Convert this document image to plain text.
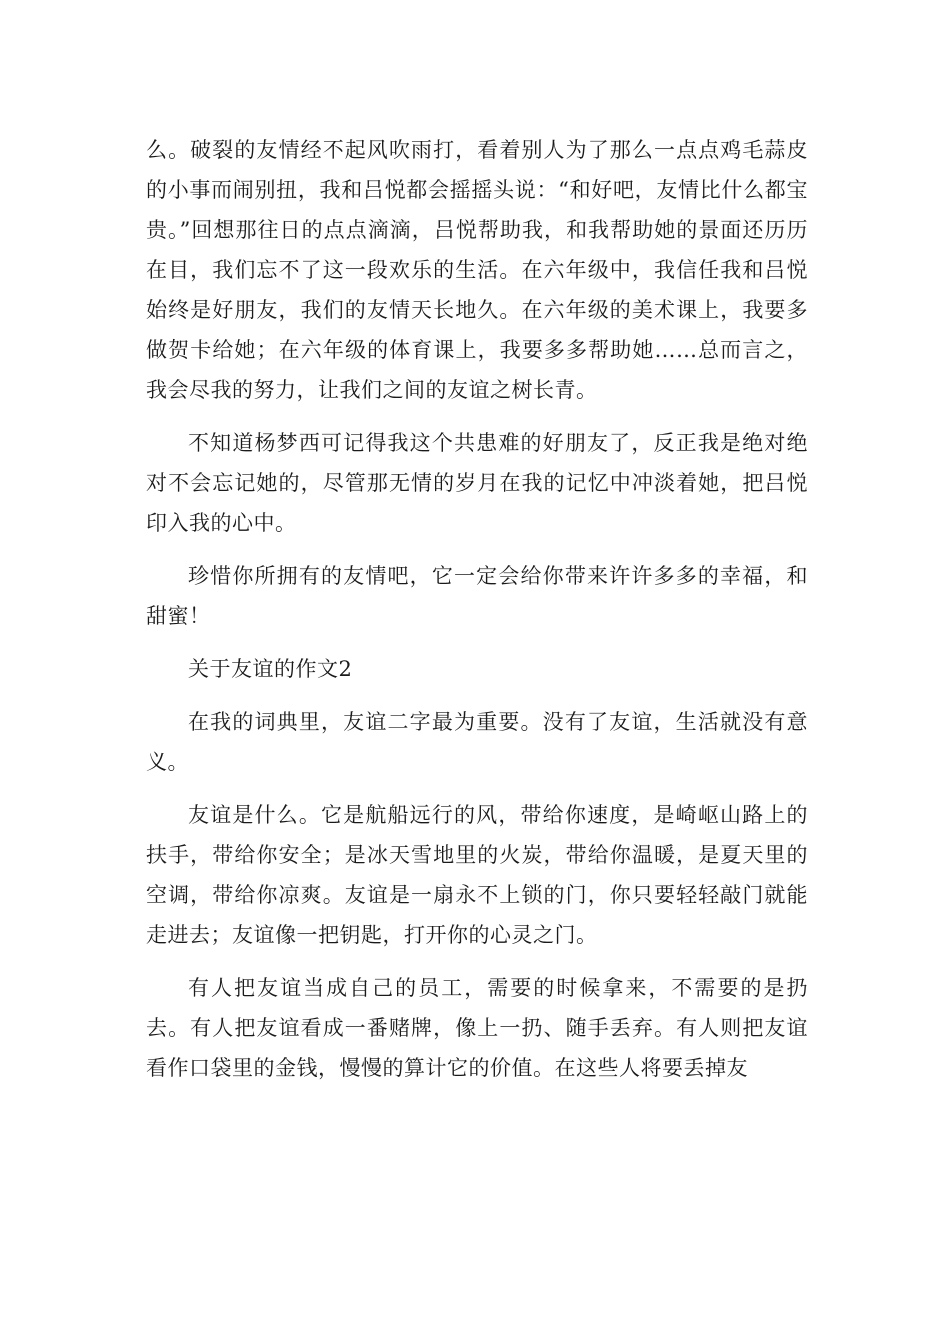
么。破裂的友情经不起风吹雨打，看着别人为了那么一点点鸡毛蒜皮的小事而闹别扭，我和吕悦都会摇摇头说：“和好吧，友情比什么都宝贵。”回想那往日的点点滴滴，吕悦帮助我，和我帮助她的景面还历历在目，我们忘不了这一段欢乐的生活。在六年级中，我信任我和吕悦始终是好朋友，我们的友情天长地久。在六年级的美术课上，我要多做贺卡给她；在六年级的体育课上，我要多多帮助她……总而言之，我会尽我的努力，让我们之间的友谊之树长青。

不知道杨梦西可记得我这个共患难的好朋友了，反正我是绝对绝对不会忘记她的，尽管那无情的岁月在我的记忆中冲淡着她，把吕悦印入我的心中。

珍惜你所拥有的友情吧，它一定会给你带来许许多多的幸福，和甜蜜！

关于友谊的作文2

在我的词典里，友谊二字最为重要。没有了友谊，生活就没有意义。

友谊是什么。它是航船远行的风，带给你速度，是崎岖山路上的扶手，带给你安全；是冰天雪地里的火炭，带给你温暖，是夏天里的空调，带给你凉爽。友谊是一扇永不上锁的门，你只要轻轻敲门就能走进去；友谊像一把钥匙，打开你的心灵之门。

有人把友谊当成自己的员工，需要的时候拿来，不需要的是扔去。有人把友谊看成一番赌牌，像上一扔、随手丢弃。有人则把友谊看作口袋里的金钱，慢慢的算计它的价值。在这些人将要丢掉友
